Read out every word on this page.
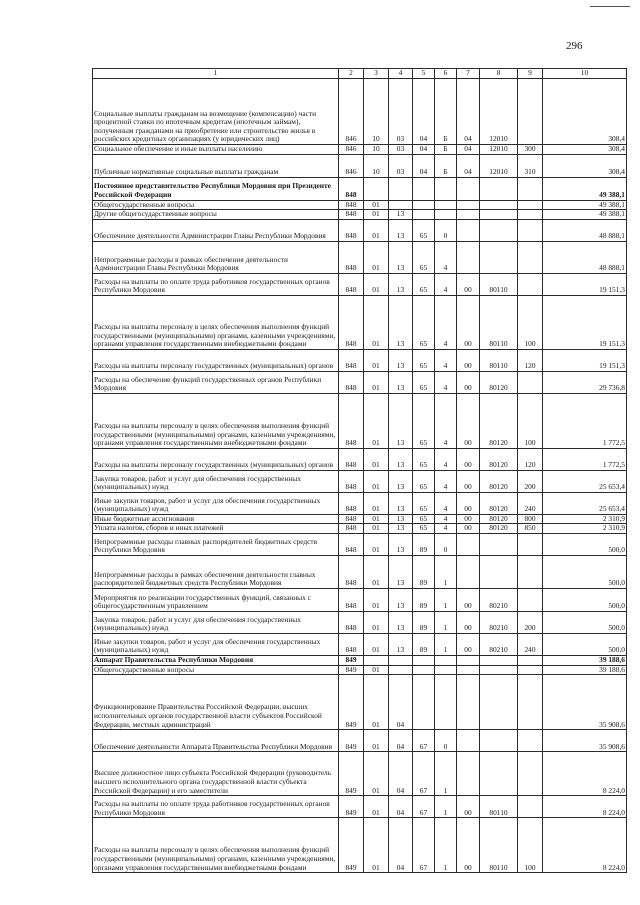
296
1	2	3	4	5	6	7	8	9	10
Социальные выплаты гражданам на возмещение (компенсацию) части процентной ставки по ипотечным кредитам (ипотечным займам), полученным гражданами на приобретение или строительство жилья в российских кредитных организациях (у юридических лиц)	846	10	03	04	Б	04	12010		308,4
Социальное обеспечение и иные выплаты населению	846	10	03	04	Б	04	12010	300	308,4
Публичные нормативные социальные выплаты гражданам	846	10	03	04	Б	04	12010	310	308,4
Постоянное представительство Республики Мордовия при Президенте Российской Федерации	848								49 388,1
Общегосударственные вопросы	848	01							49 388,1
Другие общегосударственные вопросы	848	01	13						49 388,1
Обеспечение деятельности Администрации Главы Республики Мордовия	848	01	13	65	0				48 888,1
Непрограммные расходы в рамках обеспечения деятельности Администрации Главы Республики Мордовия	848	01	13	65	4				48 888,1
Расходы на выплаты по оплате труда работников государственных органов Республики Мордовия	848	01	13	65	4	00	80110		19 151,3
Расходы на выплаты персоналу в целях обеспечения выполнения функций государственными (муниципальными) органами, казенными учреждениями, органами управления государственными внебюджетными фондами	848	01	13	65	4	00	80110	100	19 151,3
Расходы на выплаты персоналу государственных (муниципальных) органов	848	01	13	65	4	00	80110	120	19 151,3
Расходы на обеспечение функций государственных органов Республики Мордовия	848	01	13	65	4	00	80120		29 736,8
Расходы на выплаты персоналу в целях обеспечения выполнения функций государственными (муниципальными) органами, казенными учреждениями, органами управления государственными внебюджетными фондами	848	01	13	65	4	00	80120	100	1 772,5
Расходы на выплаты персоналу государственных (муниципальных) органов	848	01	13	65	4	00	80120	120	1 772,5
Закупка товаров, работ и услуг для обеспечения государственных (муниципальных) нужд	848	01	13	65	4	00	80120	200	25 653,4
Иные закупки товаров, работ и услуг для обеспечения государственных (муниципальных) нужд	848	01	13	65	4	00	80120	240	25 653,4
Иные бюджетные ассигнования	848	01	13	65	4	00	80120	800	2 310,9
Уплата налогов, сборов и иных платежей	848	01	13	65	4	00	80120	850	2 310,9
Непрограммные расходы главных распорядителей бюджетных средств Республики Мордовия	848	01	13	89	0				500,0
Непрограммные расходы в рамках обеспечения деятельности главных распорядителей бюджетных средств Республики Мордовия	848	01	13	89	1				500,0
Мероприятия по реализации государственных функций, связанных с общегосударственным управлением	848	01	13	89	1	00	80210		500,0
Закупка товаров, работ и услуг для обеспечения государственных (муниципальных) нужд	848	01	13	89	1	00	80210	200	500,0
Иные закупки товаров, работ и услуг для обеспечения государственных (муниципальных) нужд	848	01	13	89	1	00	80210	240	500,0
Аппарат Правительства Республики Мордовия	849								39 188,6
Общегосударственные вопросы	849	01							39 188,6
Функционирование Правительства Российской Федерации, высших исполнительных органов государственной власти субъектов Российской Федерации, местных администраций	849	01	04						35 908,6
Обеспечение деятельности Аппарата Правительства Республики Мордовия	849	01	04	67	0				35 908,6
Высшее должностное лицо субъекта Российской Федерации (руководитель высшего исполнительного органа государственной власти субъекта Российской Федерации) и его заместители	849	01	04	67	1				8 224,0
Расходы на выплаты по оплате труда работников государственных органов Республики Мордовия	849	01	04	67	1	00	80110		8 224,0
Расходы на выплаты персоналу в целях обеспечения выполнения функций государственными (муниципальными) органами, казенными учреждениями, органами управления государственными внебюджетными фондами	849	01	04	67	1	00	80110	100	8 224,0
